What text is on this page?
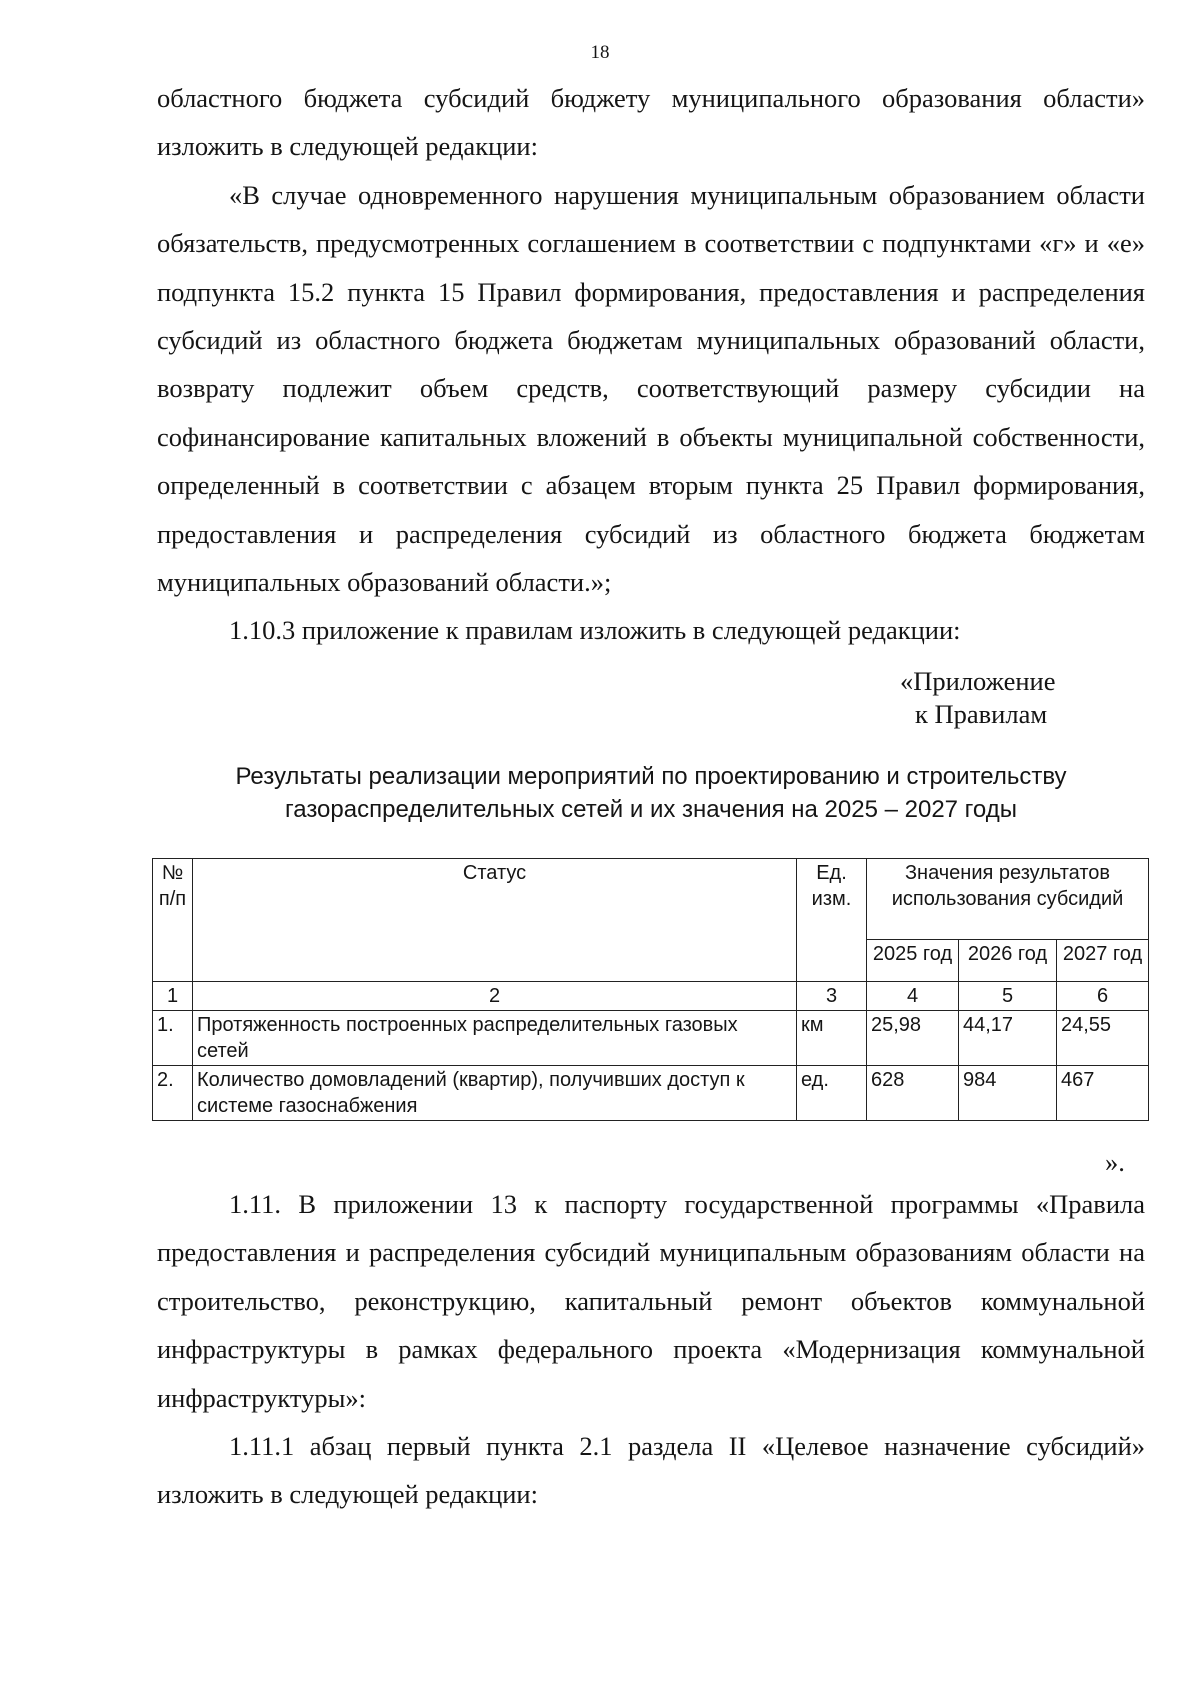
18

областного бюджета субсидий бюджету муниципального образования области» изложить в следующей редакции:

«В случае одновременного нарушения муниципальным образованием области обязательств, предусмотренных соглашением в соответствии с подпунктами «г» и «е» подпункта 15.2 пункта 15 Правил формирования, предоставления и распределения субсидий из областного бюджета бюджетам муниципальных образований области, возврату подлежит объем средств, соответствующий размеру субсидии на софинансирование капитальных вложений в объекты муниципальной собственности, определенный в соответствии с абзацем вторым пункта 25 Правил формирования, предоставления и распределения субсидий из областного бюджета бюджетам муниципальных образований области.»;

1.10.3 приложение к правилам изложить в следующей редакции:

«Приложение
к Правилам
Результаты реализации мероприятий по проектированию и строительству
газораспределительных сетей и их значения на 2025 – 2027 годы
№ п/п	Статус	Ед. изм.	Значения результатов использования субсидий		
			2025 год	2026 год	2027 год
1	2	3	4	5	6
1.	Протяженность построенных распределительных газовых сетей	км	25,98	44,17	24,55
2.	Количество домовладений (квартир), получивших доступ к системе газоснабжения	ед.	628	984	467
».

1.11. В приложении 13 к паспорту государственной программы «Правила предоставления и распределения субсидий муниципальным образованиям области на строительство, реконструкцию, капитальный ремонт объектов коммунальной инфраструктуры в рамках федерального проекта «Модернизация коммунальной инфраструктуры»:

1.11.1 абзац первый пункта 2.1 раздела II «Целевое назначение субсидий» изложить в следующей редакции:
